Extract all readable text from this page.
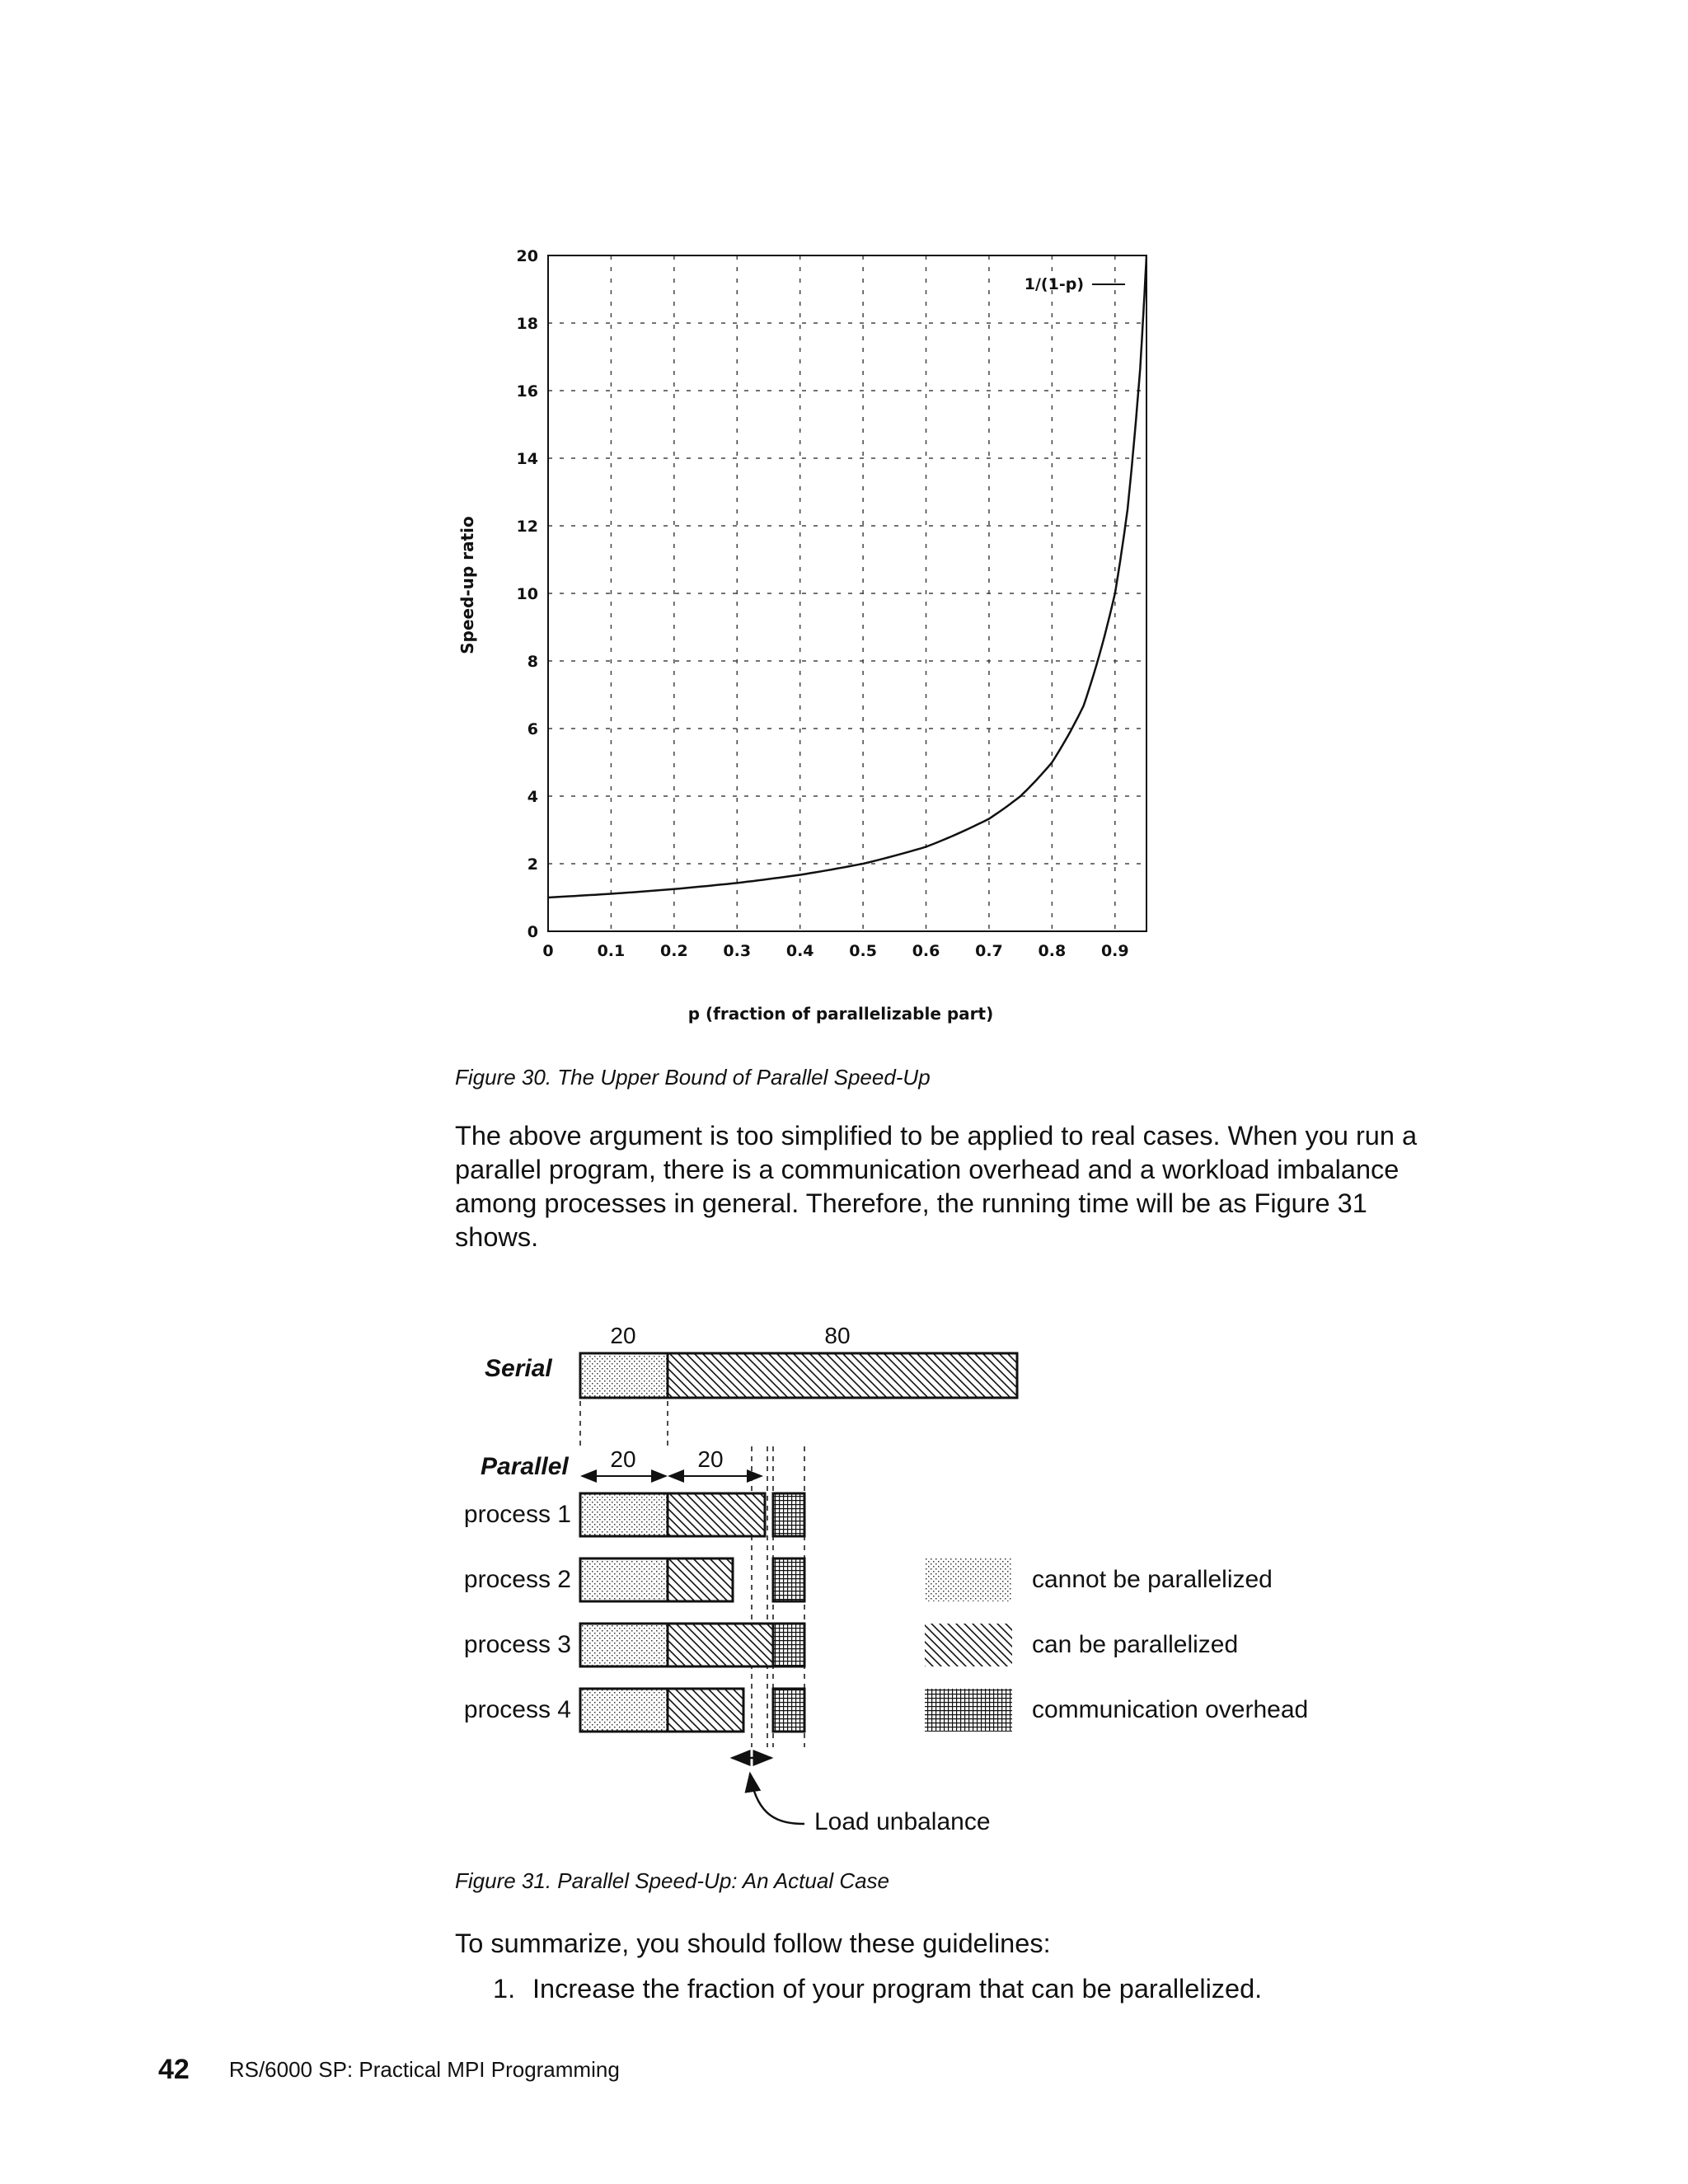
0
2
4
6
8
10
12
14
16
18
20
0	0.1 0.2 0.3 0.4 0.5 0.6 0.7 0.8 0.9
1/(1-p)
Speed-up ratio
p (fraction of parallelizable part)
Figure 30. The Upper Bound of Parallel Speed-Up
The above argument is too simplified to be applied to real cases. When you run a
parallel program, there is a communication overhead and a workload imbalance
among processes in general. Therefore, the running time will be as Figure 31
shows.
Serial
20	80
Parallel 20	20
process 1
process 2
process 3
process 4
Load unbalance
cannot be parallelized
can be parallelized
communication overhead
Figure 31. Parallel Speed-Up: An Actual Case

To summarize, you should follow these guidelines:

1. Increase the fraction of your program that can be parallelized.
42 RS/6000 SP: Practical MPI Programming
